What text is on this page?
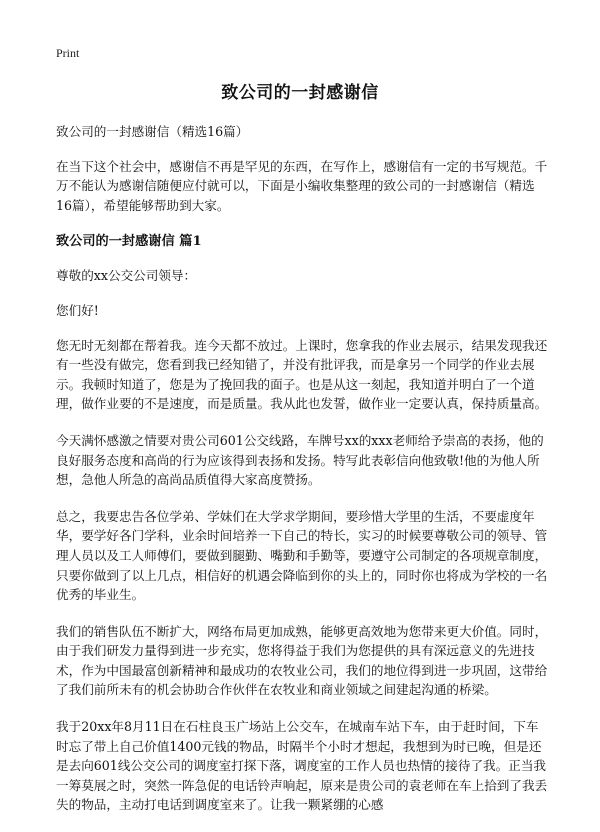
Print
致公司的一封感谢信

致公司的一封感谢信（精选16篇）

在当下这个社会中，感谢信不再是罕见的东西，在写作上，感谢信有一定的书写规范。千万不能认为感谢信随便应付就可以，下面是小编收集整理的致公司的一封感谢信（精选16篇），希望能够帮助到大家。

致公司的一封感谢信 篇1

尊敬的xx公交公司领导：

您们好!

您无时无刻都在帮着我。连今天都不放过。上课时，您拿我的作业去展示，结果发现我还有一些没有做完，您看到我已经知错了，并没有批评我，而是拿另一个同学的作业去展示。我顿时知道了，您是为了挽回我的面子。也是从这一刻起，我知道并明白了一个道理，做作业要的不是速度，而是质量。我从此也发誓，做作业一定要认真，保持质量高。

今天满怀感激之情要对贵公司601公交线路，车牌号xx的xxx老师给予崇高的表扬，他的良好服务态度和高尚的行为应该得到表扬和发扬。特写此表彰信向他致敬!他的为他人所想，急他人所急的高尚品质值得大家高度赞扬。

总之，我要忠告各位学弟、学妹们在大学求学期间，要珍惜大学里的生活，不要虚度年华，要学好各门学科，业余时间培养一下自己的特长，实习的时候要尊敬公司的领导、管理人员以及工人师傅们，要做到腿勤、嘴勤和手勤等，要遵守公司制定的各项规章制度，只要你做到了以上几点，相信好的机遇会降临到你的头上的，同时你也将成为学校的一名优秀的毕业生。

我们的销售队伍不断扩大，网络布局更加成熟，能够更高效地为您带来更大价值。同时，由于我们研发力量得到进一步充实，您将得益于我们为您提供的具有深远意义的先进技术，作为中国最富创新精神和最成功的农牧业公司，我们的地位得到进一步巩固，这带给了我们前所未有的机会协助合作伙伴在农牧业和商业领域之间建起沟通的桥梁。

我于20xx年8月11日在石柱良玉广场站上公交车，在城南车站下车，由于赶时间，下车时忘了带上自己价值1400元钱的物品，时隔半个小时才想起，我想到为时已晚，但是还是去向601线公交公司的调度室打探下落，调度室的工作人员也热情的接待了我。正当我一筹莫展之时，突然一阵急促的电话铃声响起，原来是贵公司的袁老师在车上拾到了我丢失的物品，主动打电话到调度室来了。让我一颗紧绷的心感
